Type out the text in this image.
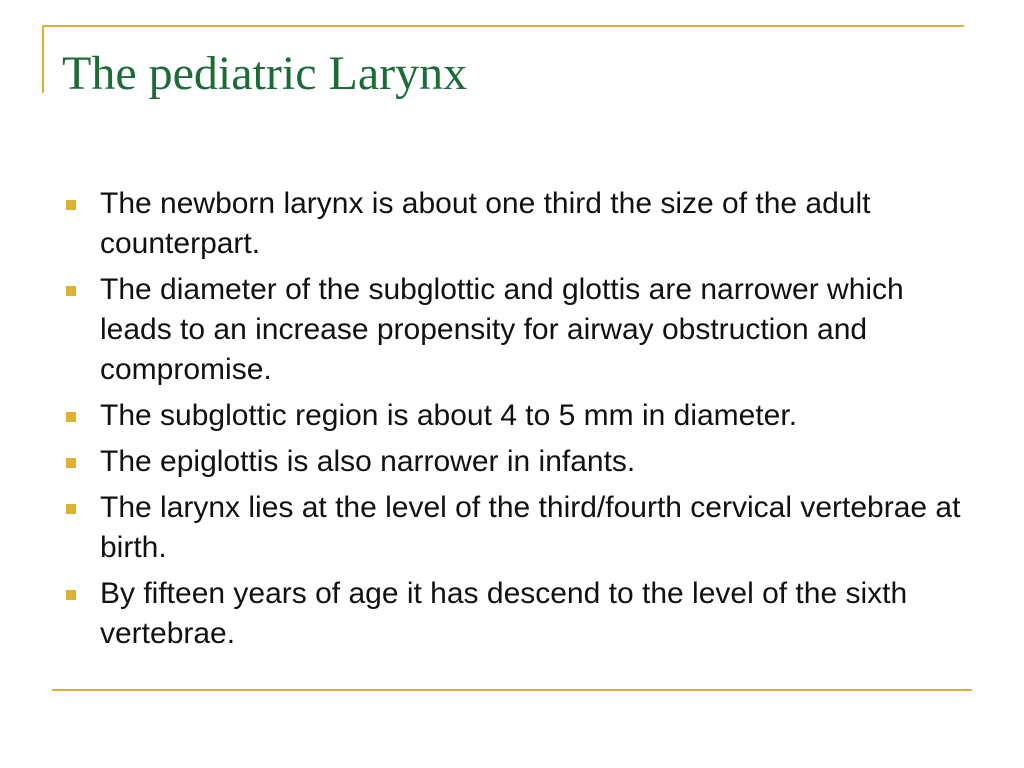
The pediatric Larynx
The newborn larynx is about one third the size of the adult counterpart.
The diameter of the subglottic and glottis are narrower which leads to an increase propensity for airway obstruction and compromise.
The subglottic region is about 4 to 5 mm in diameter.
The epiglottis is also narrower in infants.
The larynx lies at the level of the third/fourth cervical vertebrae at birth.
By fifteen years of age it has descend to the level of the sixth vertebrae.
